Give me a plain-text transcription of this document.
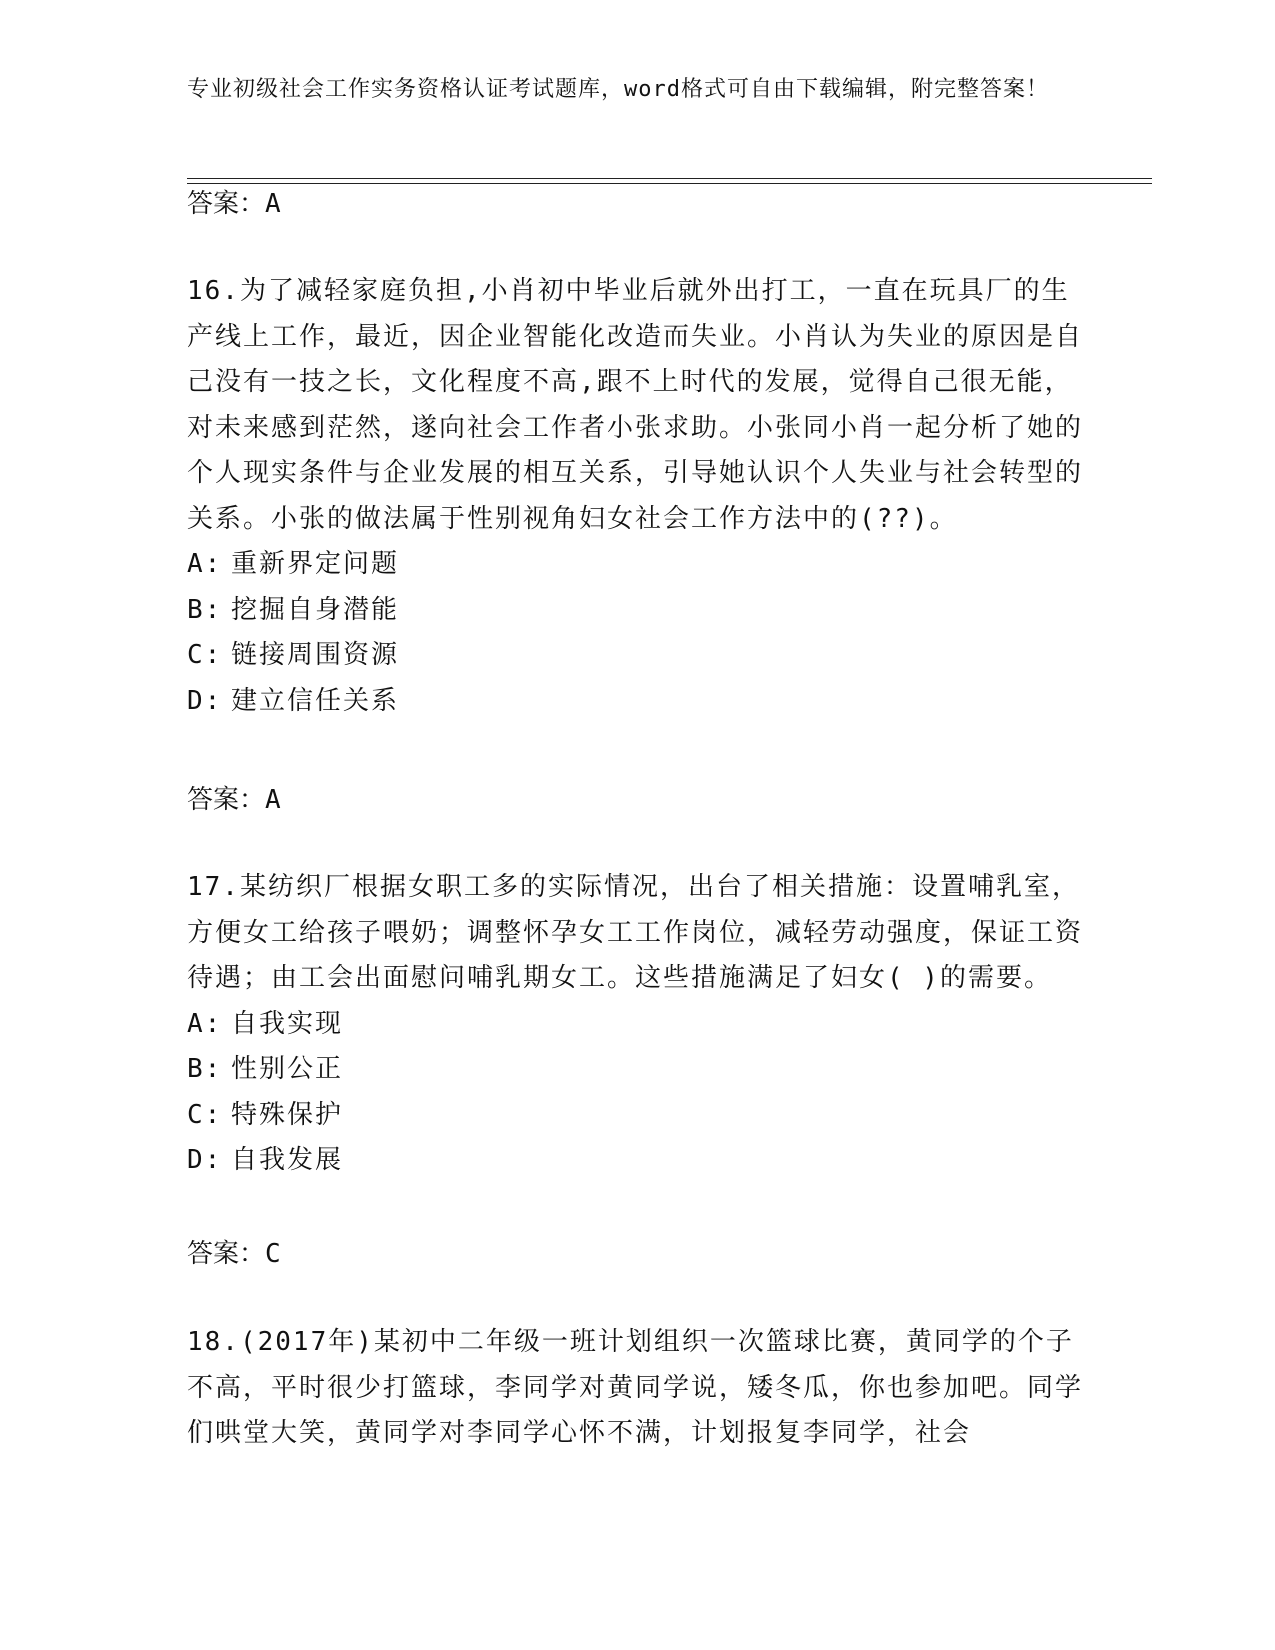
专业初级社会工作实务资格认证考试题库，word格式可自由下载编辑，附完整答案！
答案：A

16.为了减轻家庭负担,小肖初中毕业后就外出打工，一直在玩具厂的生产线上工作，最近，因企业智能化改造而失业。小肖认为失业的原因是自己没有一技之长，文化程度不高,跟不上时代的发展，觉得自己很无能，对未来感到茫然，遂向社会工作者小张求助。小张同小肖一起分析了她的个人现实条件与企业发展的相互关系，引导她认识个人失业与社会转型的关系。小张的做法属于性别视角妇女社会工作方法中的(??)。

A: 重新界定问题
B: 挖掘自身潜能
C: 链接周围资源
D: 建立信任关系
答案：A

17.某纺织厂根据女职工多的实际情况，出台了相关措施：设置哺乳室，方便女工给孩子喂奶；调整怀孕女工工作岗位，减轻劳动强度，保证工资待遇；由工会出面慰问哺乳期女工。这些措施满足了妇女( )的需要。

A: 自我实现
B: 性别公正
C: 特殊保护
D: 自我发展
答案：C

18.(2017年)某初中二年级一班计划组织一次篮球比赛，黄同学的个子不高，平时很少打篮球，李同学对黄同学说，矮冬瓜，你也参加吧。同学们哄堂大笑，黄同学对李同学心怀不满，计划报复李同学，社会
